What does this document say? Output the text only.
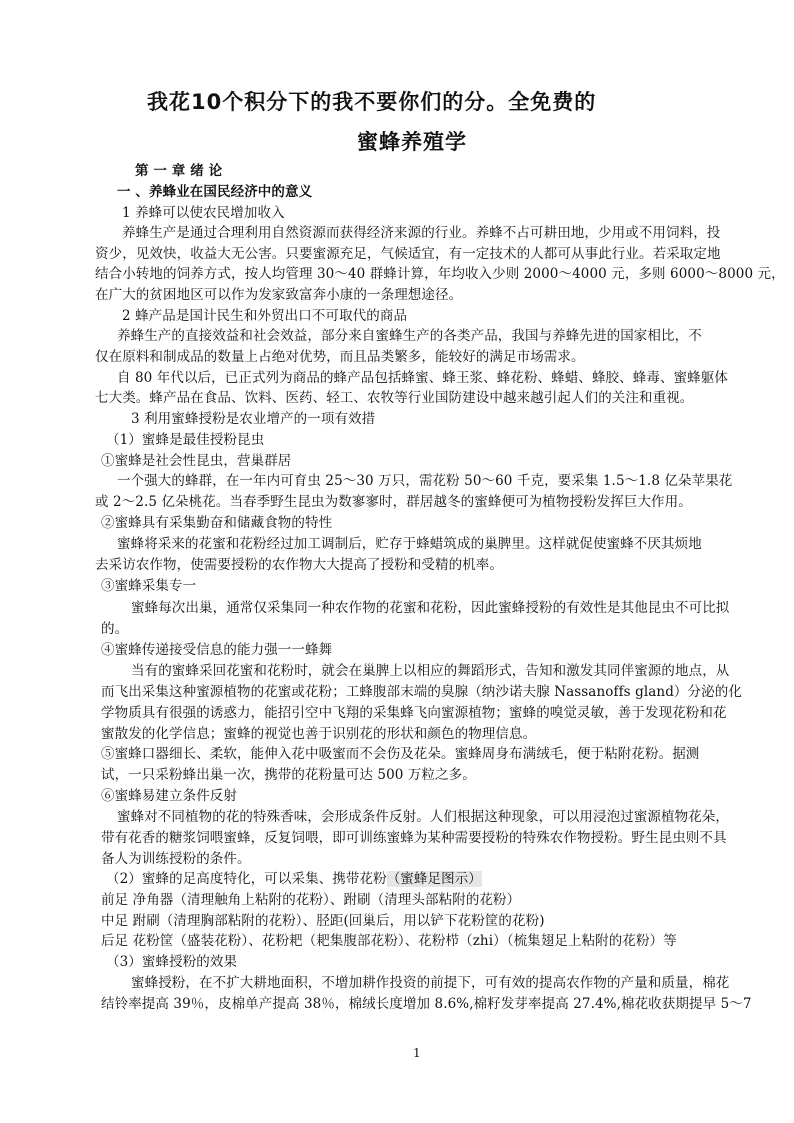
我花10个积分下的我不要你们的分。全免费的
蜜蜂养殖学
第 一 章 绪 论
一 、养蜂业在国民经济中的意义
1 养蜂可以使农民增加收入
养蜂生产是通过合理利用自然资源而获得经济来源的行业。养蜂不占可耕田地，少用或不用饲料，投
资少，见效快，收益大无公害。只要蜜源充足，气候适宜，有一定技术的人都可从事此行业。若采取定地
结合小转地的饲养方式，按人均管理 30～40 群蜂计算，年均收入少则 2000～4000 元，多则 6000～8000 元，
在广大的贫困地区可以作为发家致富奔小康的一条理想途径。
2 蜂产品是国计民生和外贸出口不可取代的商品
养蜂生产的直接效益和社会效益，部分来自蜜蜂生产的各类产品，我国与养蜂先进的国家相比，不
仅在原料和制成品的数量上占绝对优势，而且品类繁多，能较好的满足市场需求。
自 80 年代以后，已正式列为商品的蜂产品包括蜂蜜、蜂王浆、蜂花粉、蜂蜡、蜂胶、蜂毒、蜜蜂躯体
七大类。蜂产品在食品、饮料、医药、轻工、农牧等行业国防建设中越来越引起人们的关注和重视。
3 利用蜜蜂授粉是农业增产的一项有效措
（1）蜜蜂是最佳授粉昆虫
①蜜蜂是社会性昆虫，营巢群居
一个强大的蜂群，在一年内可育虫 25～30 万只，需花粉 50～60 千克，要采集 1.5～1.8 亿朵苹果花
或 2～2.5 亿朵桃花。当春季野生昆虫为数寥寥时，群居越冬的蜜蜂便可为植物授粉发挥巨大作用。
②蜜蜂具有采集勤奋和储藏食物的特性
蜜蜂将采来的花蜜和花粉经过加工调制后，贮存于蜂蜡筑成的巢脾里。这样就促使蜜蜂不厌其烦地
去采访农作物，使需要授粉的农作物大大提高了授粉和受精的机率。
③蜜蜂采集专一
蜜蜂每次出巢，通常仅采集同一种农作物的花蜜和花粉，因此蜜蜂授粉的有效性是其他昆虫不可比拟
的。
④蜜蜂传递接受信息的能力强一一蜂舞
当有的蜜蜂采回花蜜和花粉时，就会在巢脾上以相应的舞蹈形式，告知和激发其同伴蜜源的地点，从
而飞出采集这种蜜源植物的花蜜或花粉；工蜂腹部末端的臭腺（纳沙诺夫腺 Nassanoffs gland）分泌的化
学物质具有很强的诱惑力，能招引空中飞翔的采集蜂飞向蜜源植物；蜜蜂的嗅觉灵敏，善于发现花粉和花
蜜散发的化学信息；蜜蜂的视觉也善于识别花的形状和颜色的物理信息。
⑤蜜蜂口器细长、柔软，能伸入花中吸蜜而不会伤及花朵。蜜蜂周身布满绒毛，便于粘附花粉。据测
试，一只采粉蜂出巢一次，携带的花粉量可达 500 万粒之多。
⑥蜜蜂易建立条件反射
蜜蜂对不同植物的花的特殊香味，会形成条件反射。人们根据这种现象，可以用浸泡过蜜源植物花朵，
带有花香的糖浆饲喂蜜蜂，反复饲喂，即可训练蜜蜂为某种需要授粉的特殊农作物授粉。野生昆虫则不具
备人为训练授粉的条件。
（2）蜜蜂的足高度特化，可以采集、携带花粉（蜜蜂足图示）
前足 净角器（清理触角上粘附的花粉）、跗刷（清理头部粘附的花粉）
中足 跗刷（清理胸部粘附的花粉）、胫距(回巢后，用以铲下花粉筐的花粉)
后足 花粉筐（盛装花粉）、花粉耙（耙集腹部花粉）、花粉栉（zhi）（梳集翅足上粘附的花粉）等
（3）蜜蜂授粉的效果
蜜蜂授粉，在不扩大耕地面积，不增加耕作投资的前提下，可有效的提高农作物的产量和质量，棉花
结铃率提高 39％，皮棉单产提高 38％，棉绒长度增加 8.6%,棉籽发芽率提高 27.4%,棉花收获期提早 5～7
1
